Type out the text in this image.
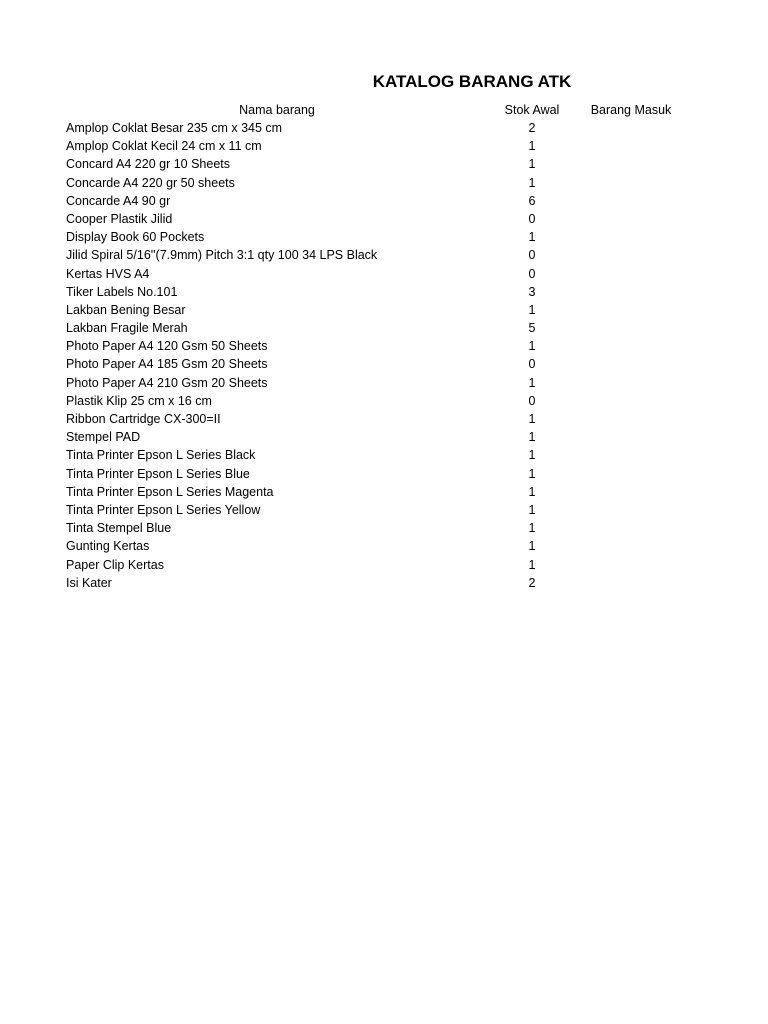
KATALOG BARANG ATK
Nama barang	Stok Awal	Barang Masuk
Amplop Coklat Besar 235 cm x 345 cm	2
Amplop Coklat Kecil 24 cm x 11 cm	1
Concard A4 220 gr 10 Sheets	1
Concarde A4 220 gr 50 sheets	1
Concarde A4 90 gr	6
Cooper Plastik Jilid	0
Display Book 60 Pockets	1
Jilid Spiral 5/16''(7.9mm) Pitch 3:1 qty 100 34 LPS Black	0
Kertas HVS A4	0
Tiker Labels No.101	3
Lakban Bening Besar	1
Lakban Fragile Merah	5
Photo Paper A4 120 Gsm 50 Sheets	1
Photo Paper A4 185 Gsm 20 Sheets	0
Photo Paper A4 210 Gsm 20 Sheets	1
Plastik Klip 25 cm x 16 cm	0
Ribbon Cartridge CX-300=II	1
Stempel PAD	1
Tinta Printer Epson L Series Black	1
Tinta Printer Epson L Series Blue	1
Tinta Printer Epson L Series Magenta	1
Tinta Printer Epson L Series Yellow	1
Tinta Stempel Blue	1
Gunting Kertas	1
Paper Clip Kertas	1
Isi Kater	2
